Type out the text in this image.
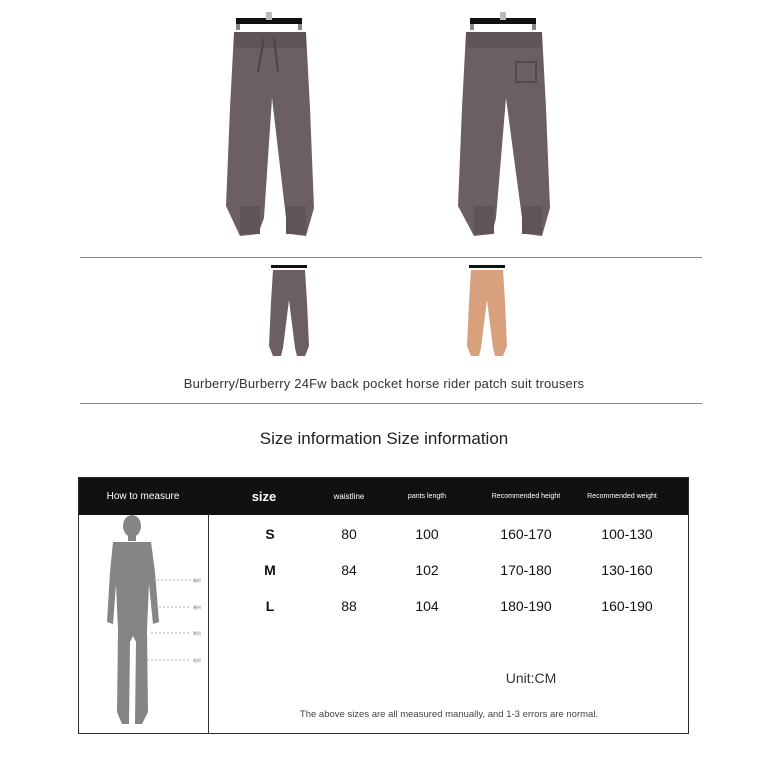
Burberry/Burberry 24Fw back pocket horse rider patch suit trousers
Size information Size information
How to measure	size	waistline	pants length	Recommended height	Recommended weight
胸围
腰围
臀围
腿围
S	80	100	160-170	100-130
M	84	102	170-180	130-160
L	88	104	180-190	160-190
Unit:CM
The above sizes are all measured manually, and 1-3 errors are normal.
